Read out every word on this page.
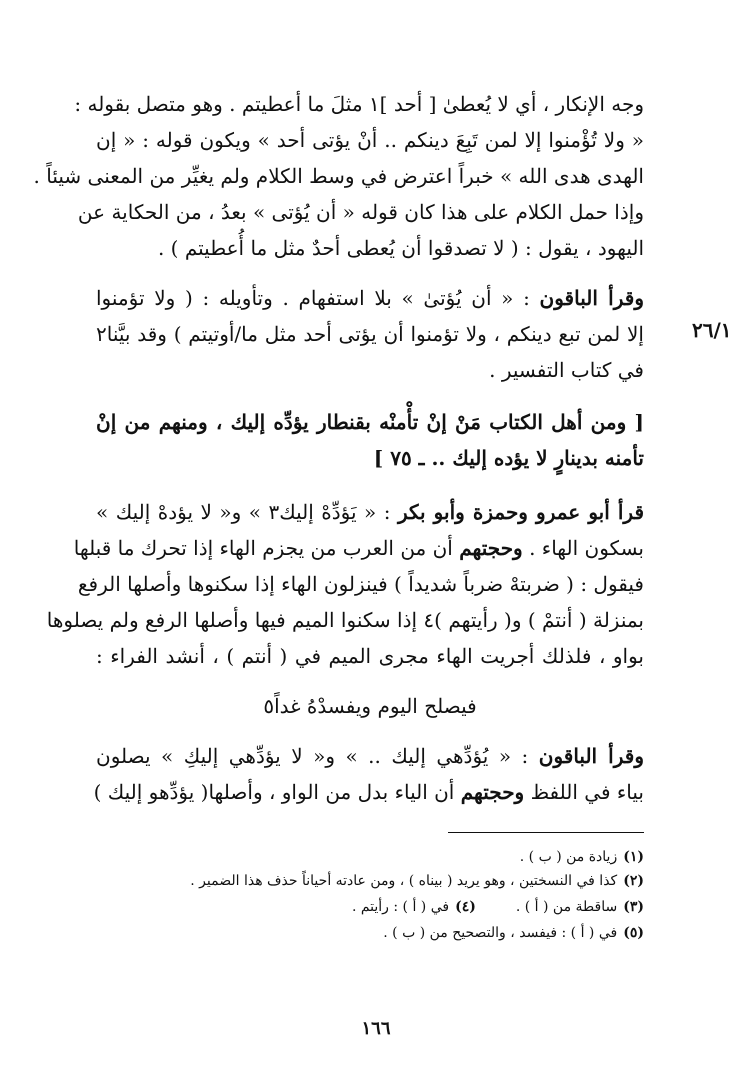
وجه الإنكار ، أي لا يُعطىٰ [ أحد ]١ مثلَ ما أعطيتم . وهو متصل بقوله :
« ولا تُؤْمنوا إلا لمن تَبِعَ دينكم .. أنْ يؤتى أحد » ويكون قوله : « إن
الهدى هدى الله » خبراً اعترض في وسط الكلام ولم يغيِّر من المعنى شيئاً .
وإذا حمل الكلام على هذا كان قوله « أن يُؤتى » بعدُ ، من الحكاية عن
اليهود ، يقول : ( لا تصدقوا أن يُعطى أحدٌ مثل ما أُعطيتم ) .
وقرأ الباقون : « أن يُؤتىٰ » بلا استفهام . وتأويله : ( ولا تؤمنوا
إلا لمن تبع دينكم ، ولا تؤمنوا أن يؤتى أحد مثل ما/أوتيتم ) وقد بيَّنا٢
في كتاب التفسير .
٢٦/١
[ ومن أهل الكتاب مَنْ إنْ تأْمنْه بقنطار يؤدِّه إليك ، ومنهم من إنْ
تأمنه بدينارٍ لا يؤده إليك .. ـ ٧٥ ]
قرأ أبو عمرو وحمزة وأبو بكر : « يَؤدِّهْ إليك٣ » و« لا يؤدهْ إليك »
بسكون الهاء . وحجتهم أن من العرب من يجزم الهاء إذا تحرك ما قبلها
فيقول : ( ضربتهْ ضرباً شديداً ) فينزلون الهاء إذا سكنوها وأصلها الرفع
بمنزلة ( أنتمْ ) و( رأيتهم )٤ إذا سكنوا الميم فيها وأصلها الرفع ولم يصلوها
بواو ، فلذلك أجريت الهاء مجرى الميم في ( أنتم ) ، أنشد الفراء :
فيصلح اليوم ويفسدْهُ غداً٥
وقرأ الباقون : « يُؤدِّهي إليك .. » و« لا يؤدِّهي إليكِ » يصلون
بياء في اللفظ وحجتهم أن الياء بدل من الواو ، وأصلها( يؤدِّهو إليك )
(١)زيادة من ( ب ) .
(٢)كذا في النسختين ، وهو يريد ( بيناه ) ، ومن عادته أحياناً حذف هذا الضمير .
(٣)ساقطة من ( أ ) .(٤)في ( أ ) : رأيتم .
(٥)في ( أ ) : فيفسد ، والتصحيح من ( ب ) .
١٦٦
